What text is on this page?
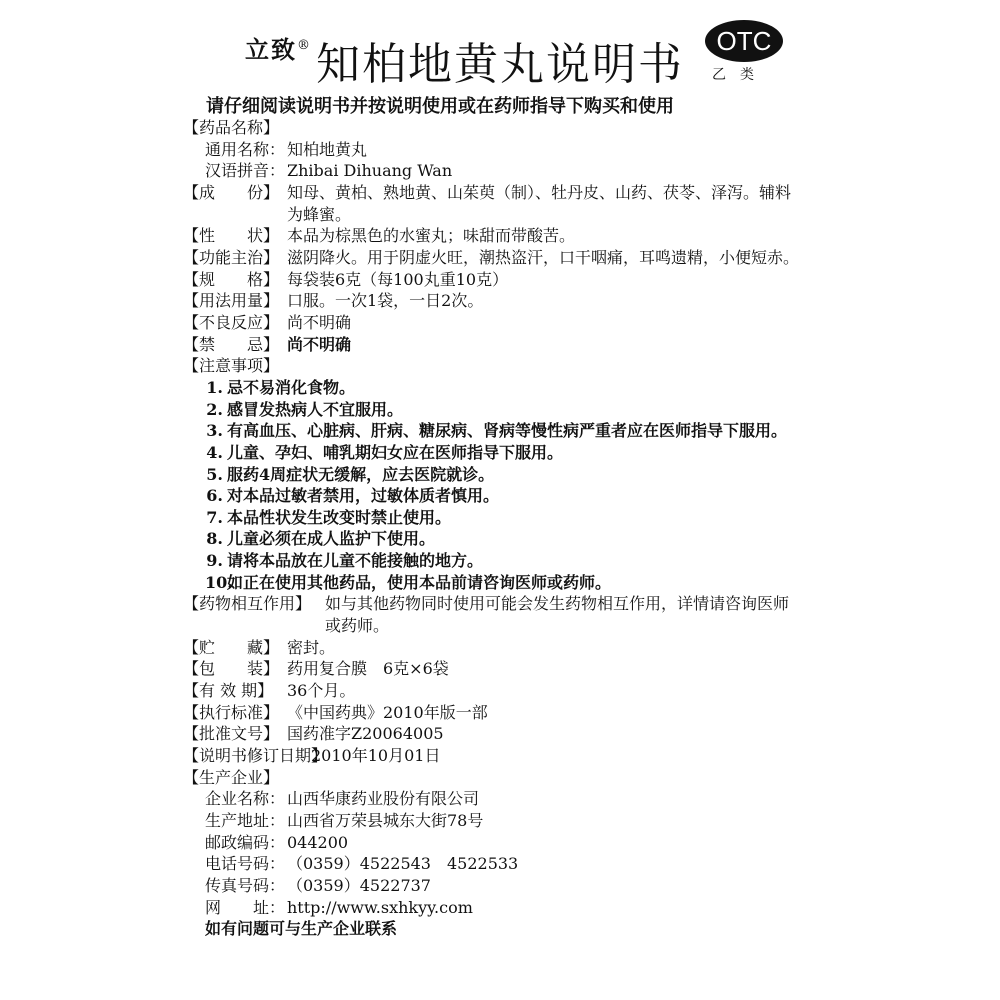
立致® 知柏地黄丸说明书	OTC
乙类
请仔细阅读说明书并按说明使用或在药师指导下购买和使用
【药品名称】
通用名称： 知柏地黄丸
汉语拼音： Zhibai Dihuang Wan
【成　　份】 知母、黄柏、熟地黄、山茱萸（制）、牡丹皮、山药、茯苓、泽泻。辅料为蜂蜜。
【性　　状】 本品为棕黑色的水蜜丸；味甜而带酸苦。
【功能主治】 滋阴降火。用于阴虚火旺，潮热盗汗，口干咽痛，耳鸣遗精，小便短赤。
【规　　格】 每袋装6克（每100丸重10克）
【用法用量】 口服。一次1袋，一日2次。
【不良反应】 尚不明确
【禁　　忌】 尚不明确
【注意事项】
1. 忌不易消化食物。
2. 感冒发热病人不宜服用。
3. 有高血压、心脏病、肝病、糖尿病、肾病等慢性病严重者应在医师指导下服用。
4. 儿童、孕妇、哺乳期妇女应在医师指导下服用。
5. 服药4周症状无缓解，应去医院就诊。
6. 对本品过敏者禁用，过敏体质者慎用。
7. 本品性状发生改变时禁止使用。
8. 儿童必须在成人监护下使用。
9. 请将本品放在儿童不能接触的地方。
10.
如正在使用其他药品，使用本品前请咨询医师或药师。
【药物相互作用】 如与其他药物同时使用可能会发生药物相互作用，详情请咨询医师或药师。
【贮　　藏】 密封。
【包　　装】 药用复合膜　6克×6袋
【有 效 期】 36个月。
【执行标准】 《中国药典》2010年版一部
【批准文号】 国药准字Z20064005
【说明书修订日期】
2010年10月01日
【生产企业】
企业名称： 山西华康药业股份有限公司
生产地址： 山西省万荣县城东大街78号
邮政编码： 044200
电话号码： （0359）4522543　4522533
传真号码： （0359）4522737
网　　址： http://www.sxhkyy.com
如有问题可与生产企业联系
